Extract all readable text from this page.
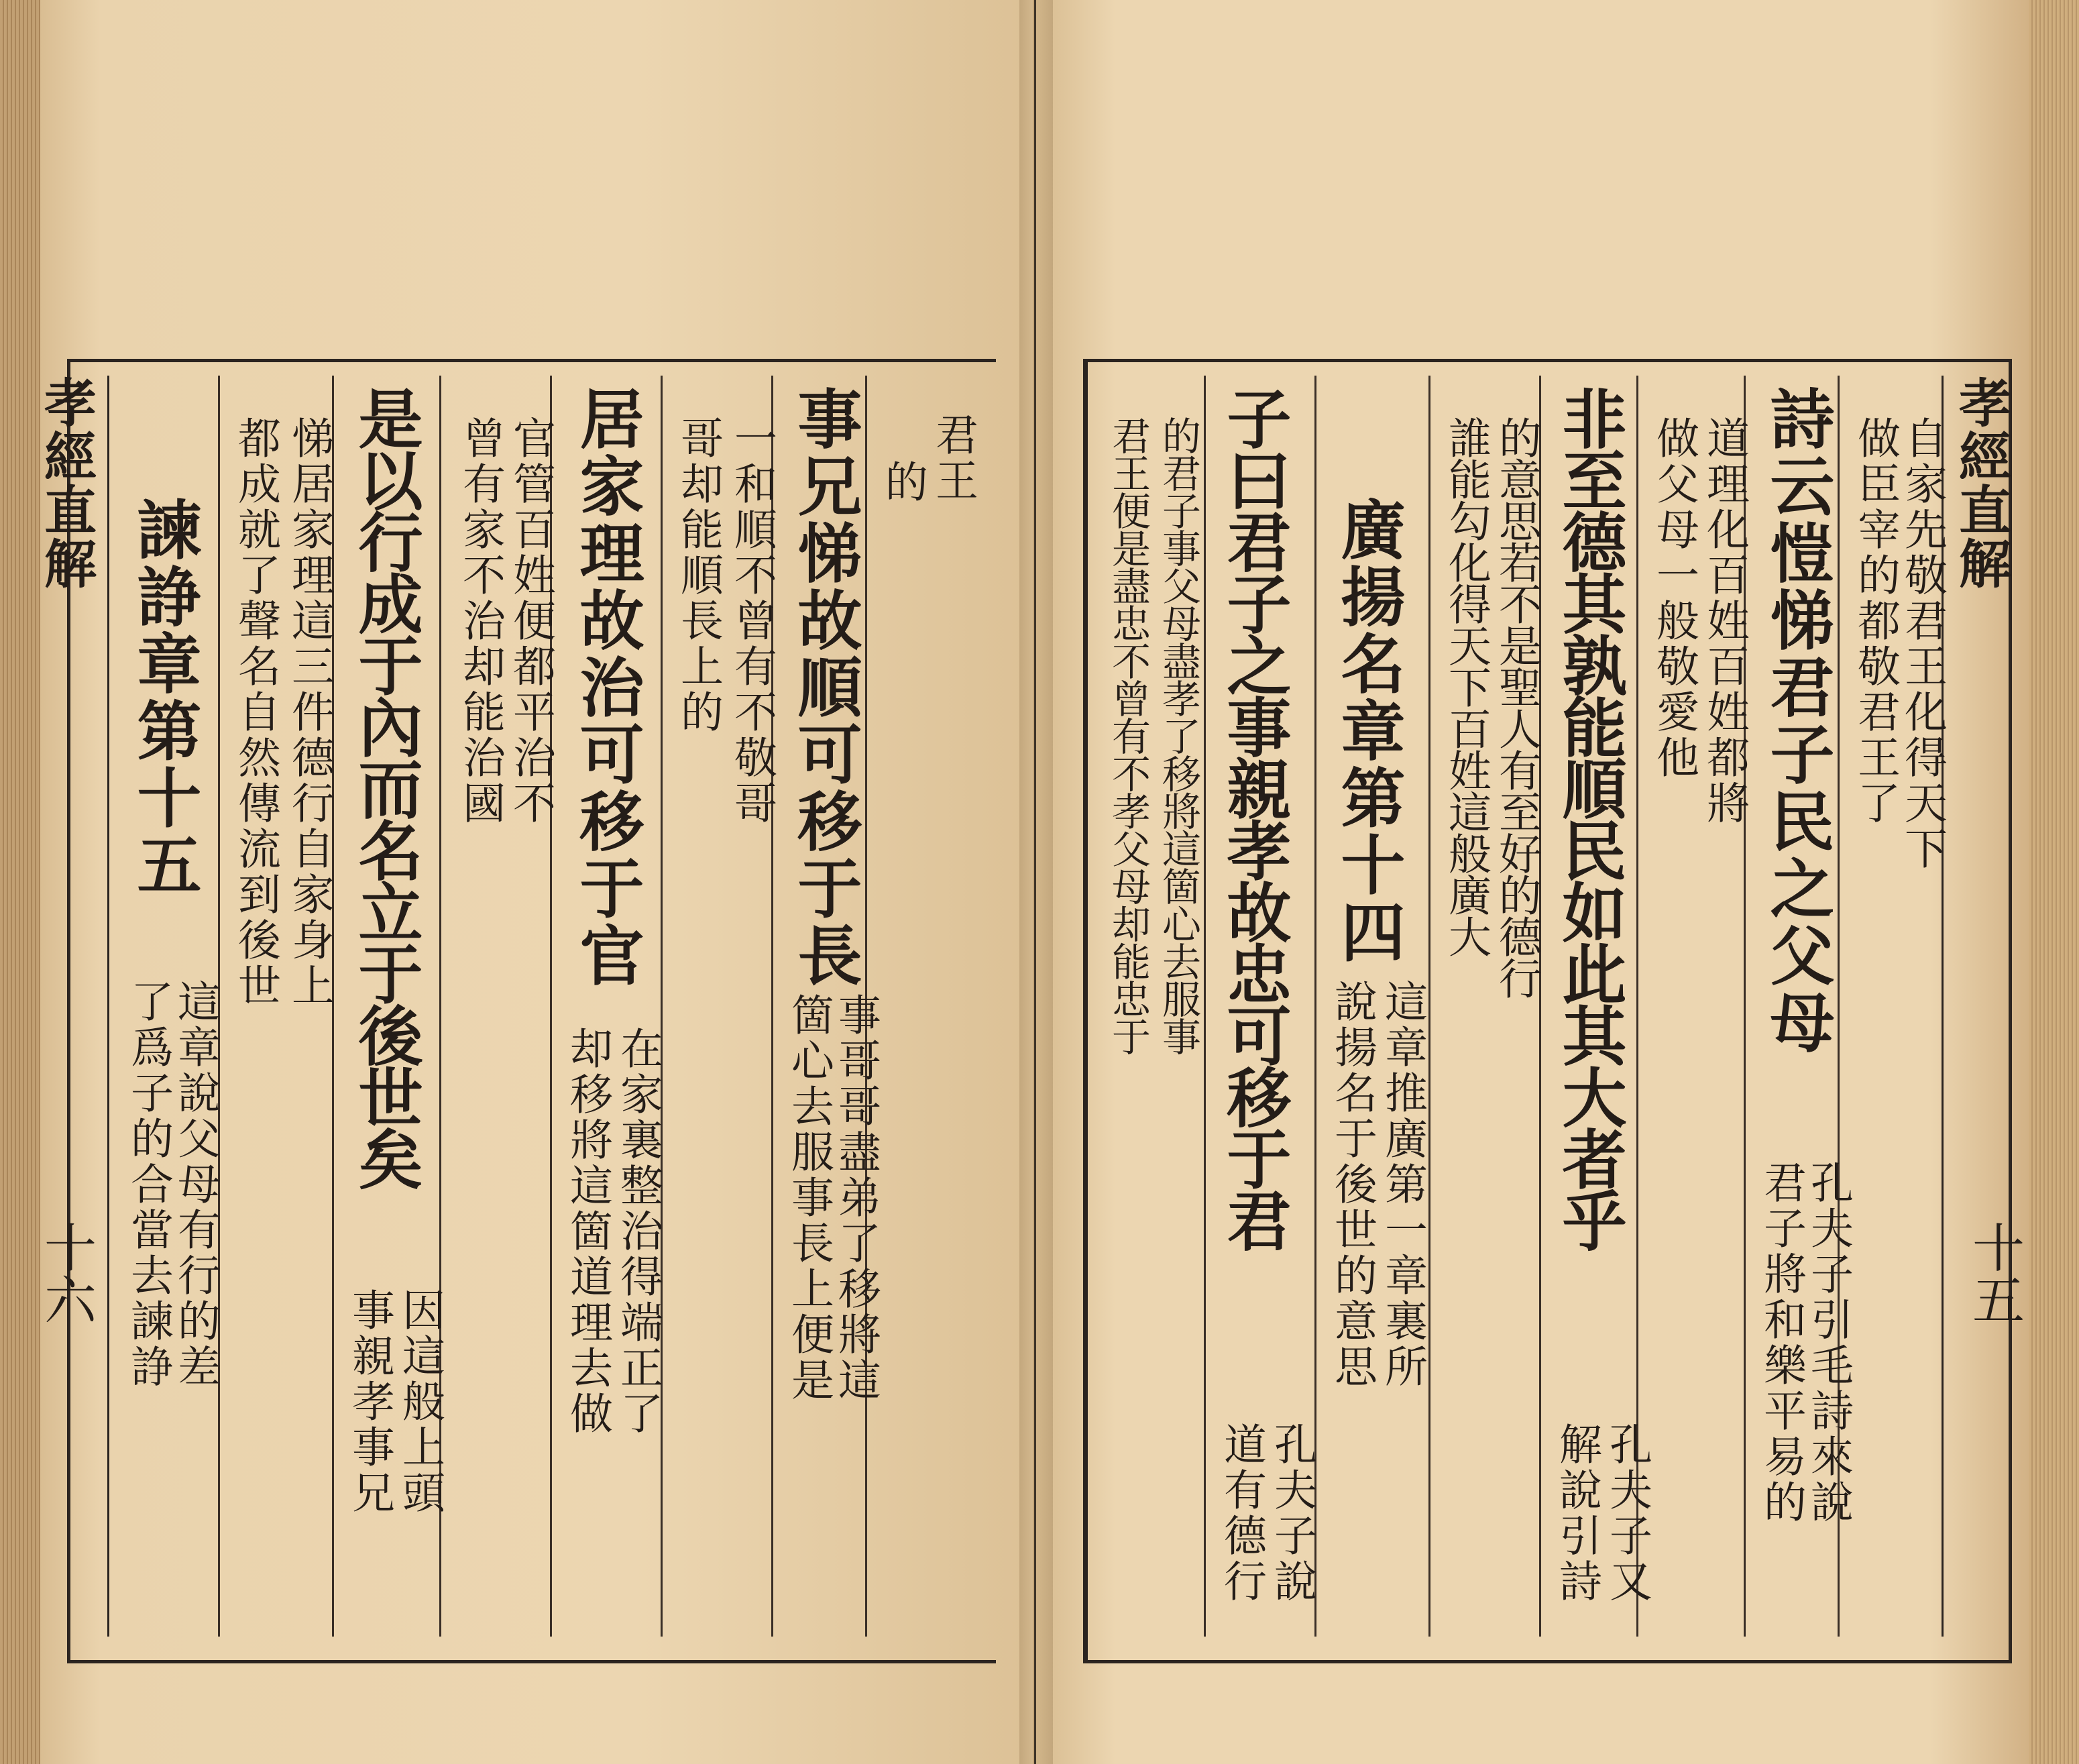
孝經直解
十六
孝經直解
十五
君王
的
事兄悌故順可移于長
事哥哥盡弟了移將這
箇心去服事長上便是
一和順不曾有不敬哥
哥却能順長上的
居家理故治可移于官
在家裏整治得端正了
却移將這箇道理去做
官管百姓便都平治不
曾有家不治却能治國
是以行成于內而名立于後世矣
因這般上頭
事親孝事兄
悌居家理這三件德行自家身上
都成就了聲名自然傳流到後世
諫諍章第十五
這章說父母有行的差
了爲子的合當去諫諍
自家先敬君王化得天下
做臣宰的都敬君王了
詩云愷悌君子民之父母
孔夫子引毛詩來說
君子將和樂平易的
道理化百姓百姓都將
做父母一般敬愛他
非至德其孰能順民如此其大者乎
孔夫子又
解說引詩
的意思若不是聖人有至好的德行
誰能勾化得天下百姓這般廣大
廣揚名章第十四
這章推廣第一章裏所
說揚名于後世的意思
子曰君子之事親孝故忠可移于君
孔夫子說
道有德行
的君子事父母盡孝了移將這箇心去服事
君王便是盡忠不曾有不孝父母却能忠于
